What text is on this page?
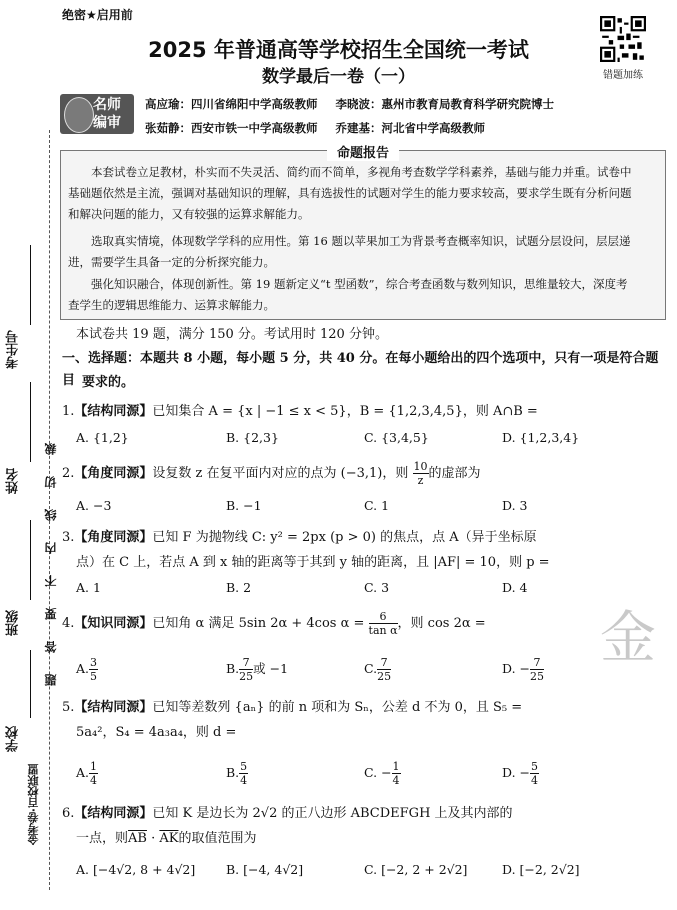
绝密★启用前
2025 年普通高等学校招生全国统一考试
数学最后一卷（一）	错题加练
名师
编审
高应瑜：四川省绵阳中学高级教师 李晓波：惠州市教育局教育科学研究院博士
张茹静：西安市铁一中学高级教师 乔建基：河北省中学高级教师
命题报告
本套试卷立足教材，朴实而不失灵活、简约而不简单，多视角考查数学学科素养，基础与能力并重。试卷中
基础题依然是主流，强调对基础知识的理解，具有选拔性的试题对学生的能力要求较高，要求学生既有分析问题
和解决问题的能力，又有较强的运算求解能力。
选取真实情境，体现数学学科的应用性。第 16 题以苹果加工为背景考查概率知识，试题分层设问，层层递
进，需要学生具备一定的分析探究能力。
强化知识融合，体现创新性。第 19 题新定义“t 型函数”，综合考查函数与数列知识，思维量较大，深度考
查学生的逻辑思维能力、运算求解能力。
本试卷共 19 题，满分 150 分。考试用时 120 分钟。
一、选择题：本题共 8 小题，每小题 5 分，共 40 分。在每小题给出的四个选项中，只有一项是符合题目 要求的。
1.【结构同源】已知集合 A = {x | −1 ≤ x < 5}，B = {1,2,3,4,5}，则 A∩B =
A. {1,2}	B. {2,3}	C. {3,4,5}	D. {1,2,3,4}
2.【角度同源】设复数 z 在复平面内对应的点为 (−3,1)，则 $\frac{10}{z}$ 的虚部为
A. −3	B. −1	C. 1	D. 3
3.【角度同源】已知 F 为抛物线 C: y² = 2px (p > 0) 的焦点，点 A（异于坐标原
点）在 C 上，若点 A 到 x 轴的距离等于其到 y 轴的距离，且 |AF| = 10，则 p =
A. 1	B. 2	C. 3	D. 4
4.【知识同源】已知角 α 满足 5sin 2α + 4cos $\alpha = \frac{6}{\text{tan α}}$ ，则 cos 2α =
A. $\frac{3}{5}$	B. $\frac{7}{25}$ 或 −1	C. $\frac{7}{25}$	D. − $\frac{7}{25}$
5.【结构同源】已知等差数列 {aₙ} 的前 n 项和为 Sₙ，公差 d 不为 0，且 S₅ =
5a₄²，S₄ = 4a₃a₄，则 d =
A. $\frac{1}{4}$	B. $\frac{5}{4}$	C. − $\frac{1}{4}$	D. − $\frac{5}{4}$
6.【结构同源】已知 K 是边长为 2√2 的正八边形 ABCDEFGH 上及其内部的
一点，则$\overline{AB} \cdot \overline{AK}$的取值范围为
A. [−4√2, 8 + 4√2] B. [−4, 4√2]	C. [−2, 2 + 2√2]	D. [−2, 2√2]
题答要不内线切裁
考生号
姓名
班级
学校
金考卷·百校联盟
金
